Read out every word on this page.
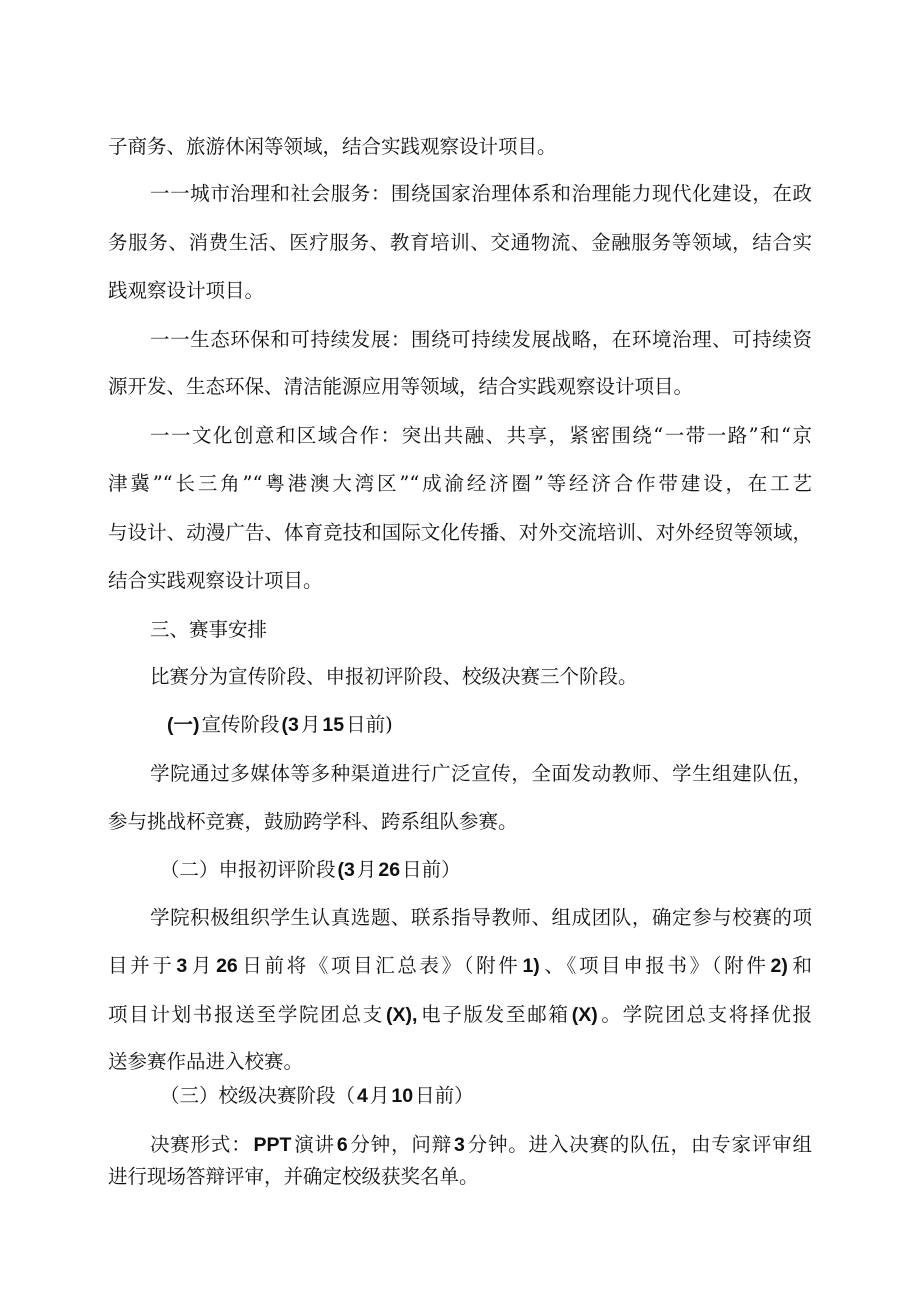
子商务、旅游休闲等领域，结合实践观察设计项目。
一一城市治理和社会服务：围绕国家治理体系和治理能力现代化建设，在政
务服务、消费生活、医疗服务、教育培训、交通物流、金融服务等领域，结合实
践观察设计项目。
一一生态环保和可持续发展：围绕可持续发展战略，在环境治理、可持续资
源开发、生态环保、清洁能源应用等领域，结合实践观察设计项目。
一一文化创意和区域合作：突出共融、共享，紧密围绕“一带一路”和“京
津冀”“长三角”“粤港澳大湾区”“成渝经济圈”等经济合作带建设，在工艺
与设计、动漫广告、体育竞技和国际文化传播、对外交流培训、对外经贸等领域，
结合实践观察设计项目。
三、赛事安排
比赛分为宣传阶段、申报初评阶段、校级决赛三个阶段。
(一) 宣传阶段 (3 月 15 日前)
学院通过多媒体等多种渠道进行广泛宣传，全面发动教师、学生组建队伍，
参与挑战杯竞赛，鼓励跨学科、跨系组队参赛。
（二）申报初评阶段 (3 月 26 日前）
学院积极组织学生认真选题、联系指导教师、组成团队，确定参与校赛的项
目并于 3 月 26 日前将《项目汇总表》（附件 1) 、《项目申报书》（附件 2) 和
项目计划书报送至学院团总支 (X), 电子版发至邮箱 (X) 。学院团总支将择优报
送参赛作品进入校赛。
（三）校级决赛阶段（ 4 月 10 日前）
决赛形式： PPT 演讲 6 分钟，问辩 3 分钟。进入决赛的队伍，由专家评审组
进行现场答辩评审，并确定校级获奖名单。
